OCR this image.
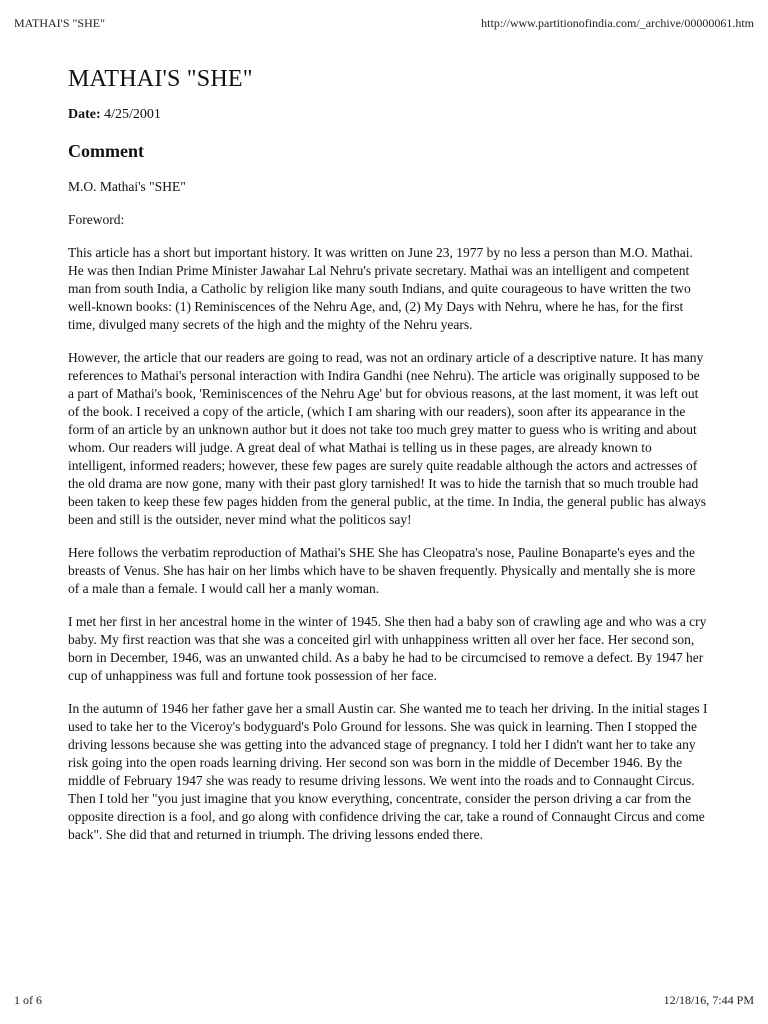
MATHAI'S "SHE"	http://www.partitionofindia.com/_archive/00000061.htm
MATHAI'S "SHE"
Date: 4/25/2001
Comment

M.O. Mathai's "SHE"

Foreword:

This article has a short but important history. It was written on June 23, 1977 by no less a person than M.O. Mathai. He was then Indian Prime Minister Jawahar Lal Nehru's private secretary. Mathai was an intelligent and competent man from south India, a Catholic by religion like many south Indians, and quite courageous to have written the two well-known books: (1) Reminiscences of the Nehru Age, and, (2) My Days with Nehru, where he has, for the first time, divulged many secrets of the high and the mighty of the Nehru years.

However, the article that our readers are going to read, was not an ordinary article of a descriptive nature. It has many references to Mathai's personal interaction with Indira Gandhi (nee Nehru). The article was originally supposed to be a part of Mathai's book, 'Reminiscences of the Nehru Age' but for obvious reasons, at the last moment, it was left out of the book. I received a copy of the article, (which I am sharing with our readers), soon after its appearance in the form of an article by an unknown author but it does not take too much grey matter to guess who is writing and about whom. Our readers will judge. A great deal of what Mathai is telling us in these pages, are already known to intelligent, informed readers; however, these few pages are surely quite readable although the actors and actresses of the old drama are now gone, many with their past glory tarnished! It was to hide the tarnish that so much trouble had been taken to keep these few pages hidden from the general public, at the time. In India, the general public has always been and still is the outsider, never mind what the politicos say!

Here follows the verbatim reproduction of Mathai's SHE She has Cleopatra's nose, Pauline Bonaparte's eyes and the breasts of Venus. She has hair on her limbs which have to be shaven frequently. Physically and mentally she is more of a male than a female. I would call her a manly woman.

I met her first in her ancestral home in the winter of 1945. She then had a baby son of crawling age and who was a cry baby. My first reaction was that she was a conceited girl with unhappiness written all over her face. Her second son, born in December, 1946, was an unwanted child. As a baby he had to be circumcised to remove a defect. By 1947 her cup of unhappiness was full and fortune took possession of her face.

In the autumn of 1946 her father gave her a small Austin car. She wanted me to teach her driving. In the initial stages I used to take her to the Viceroy's bodyguard's Polo Ground for lessons. She was quick in learning. Then I stopped the driving lessons because she was getting into the advanced stage of pregnancy. I told her I didn't want her to take any risk going into the open roads learning driving. Her second son was born in the middle of December 1946. By the middle of February 1947 she was ready to resume driving lessons. We went into the roads and to Connaught Circus. Then I told her "you just imagine that you know everything, concentrate, consider the person driving a car from the opposite direction is a fool, and go along with confidence driving the car, take a round of Connaught Circus and come back". She did that and returned in triumph. The driving lessons ended there.

1 of 6	12/18/16, 7:44 PM
